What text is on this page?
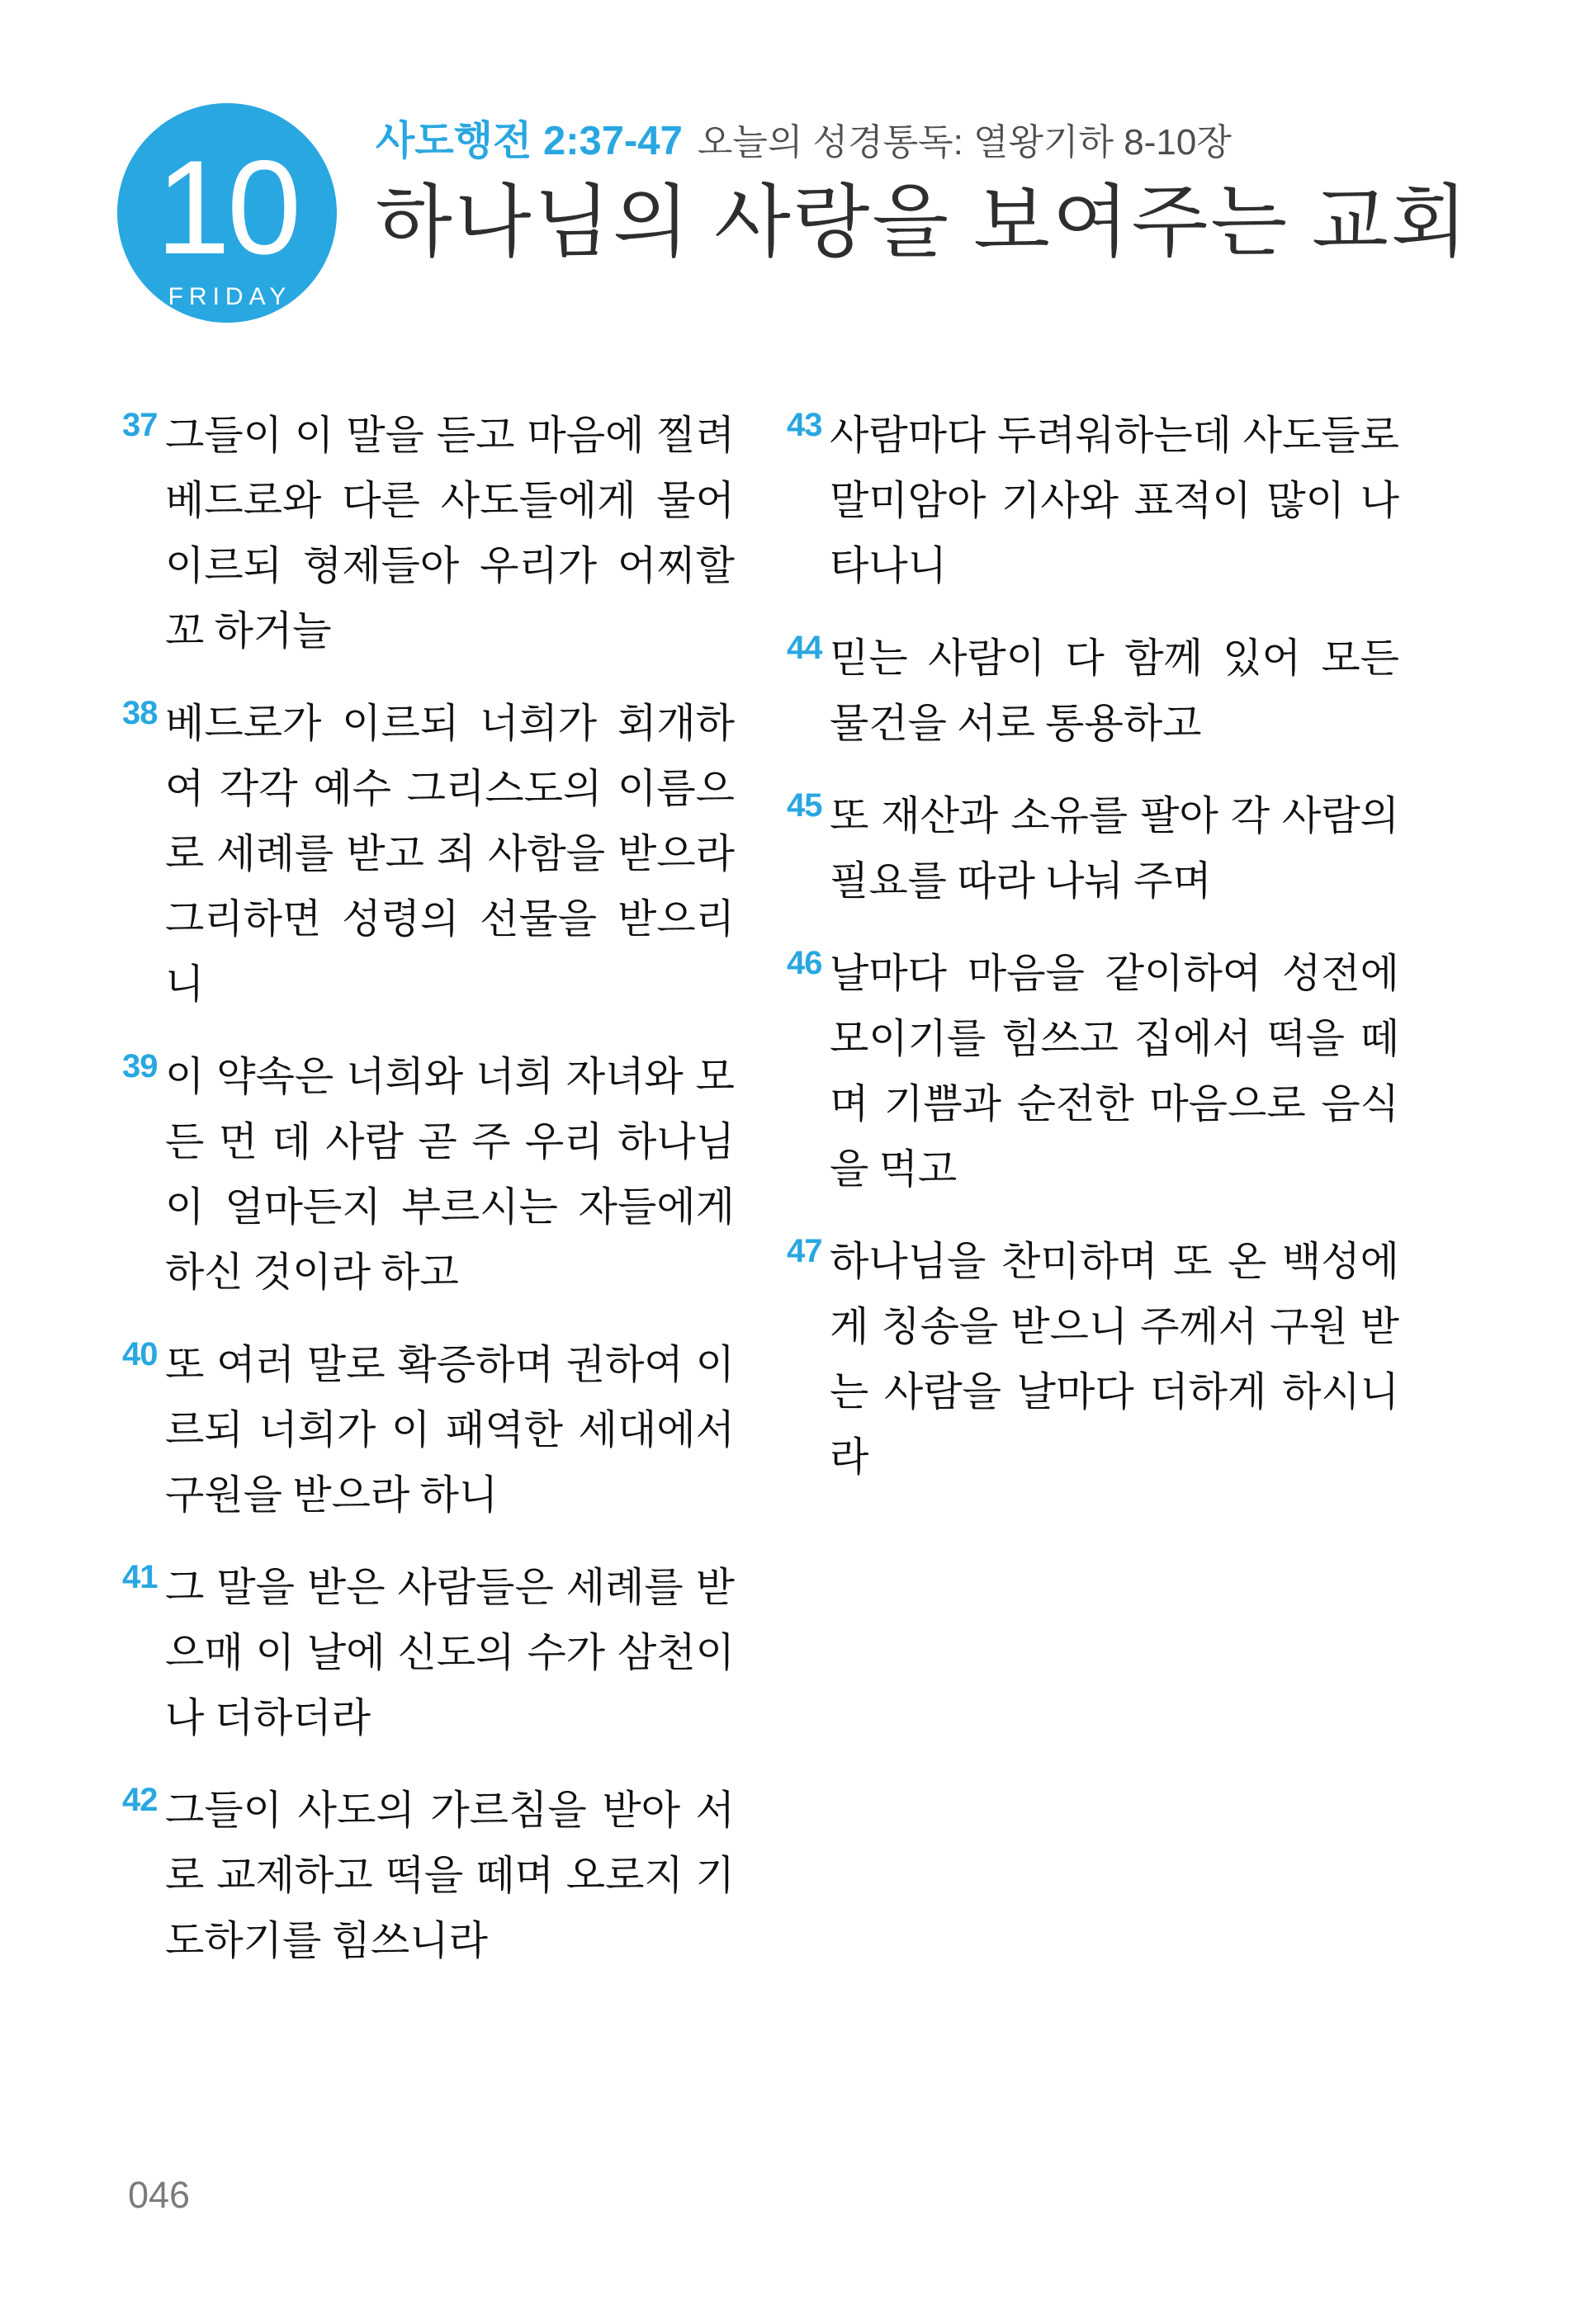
10
FRIDAY
사도행전 2:37-47 오늘의 성경통독: 열왕기하 8-10장
하나님의 사랑을 보여주는 교회
37 그들이 이 말을 듣고 마음에 찔려
베드로와 다른 사도들에게 물어
이르되 형제들아 우리가 어찌할
꼬 하거늘
38 베드로가 이르되 너희가 회개하
여 각각 예수 그리스도의 이름으
로 세례를 받고 죄 사함을 받으라
그리하면 성령의 선물을 받으리
니
39 이 약속은 너희와 너희 자녀와 모
든 먼 데 사람 곧 주 우리 하나님
이 얼마든지 부르시는 자들에게
하신 것이라 하고
40 또 여러 말로 확증하며 권하여 이
르되 너희가 이 패역한 세대에서
구원을 받으라 하니
41 그 말을 받은 사람들은 세례를 받
으매 이 날에 신도의 수가 삼천이
나 더하더라
42 그들이 사도의 가르침을 받아 서
로 교제하고 떡을 떼며 오로지 기
도하기를 힘쓰니라
43 사람마다 두려워하는데 사도들로
말미암아 기사와 표적이 많이 나
타나니
44 믿는 사람이 다 함께 있어 모든
물건을 서로 통용하고
45 또 재산과 소유를 팔아 각 사람의
필요를 따라 나눠 주며
46 날마다 마음을 같이하여 성전에
모이기를 힘쓰고 집에서 떡을 떼
며 기쁨과 순전한 마음으로 음식
을 먹고
47 하나님을 찬미하며 또 온 백성에
게 칭송을 받으니 주께서 구원 받
는 사람을 날마다 더하게 하시니
라
046
